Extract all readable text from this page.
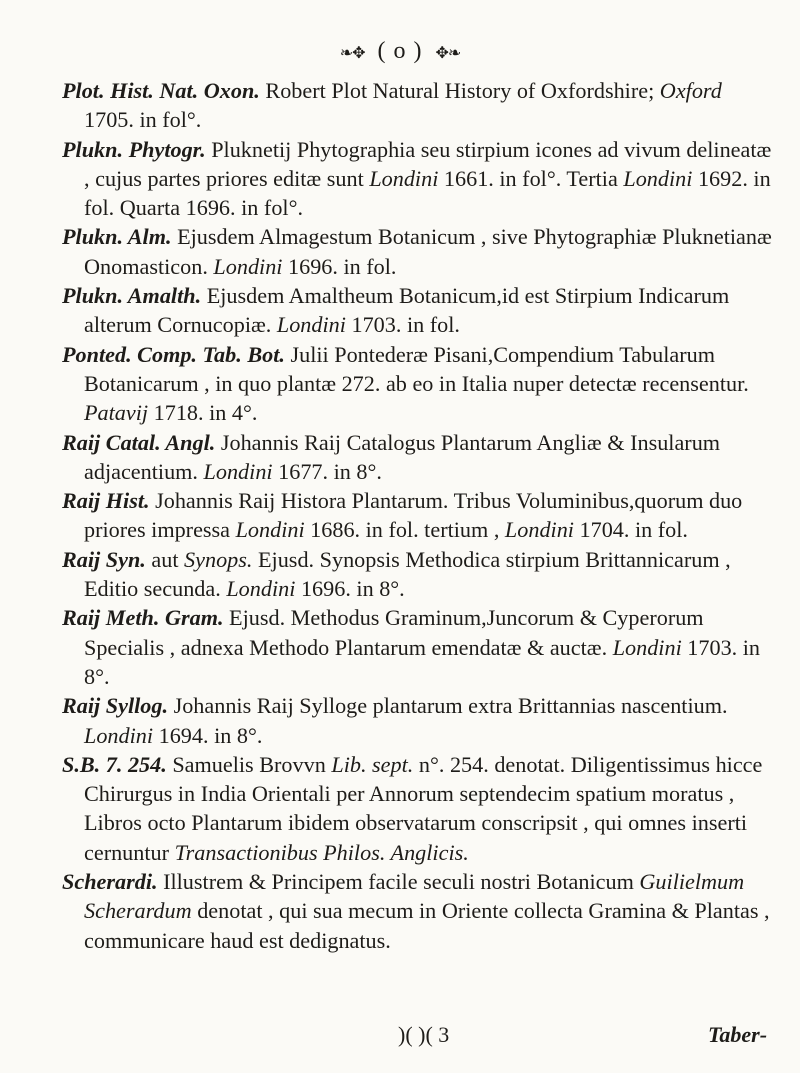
❧✥ ( o ) ✥❧

Plot. Hist. Nat. Oxon. Robert Plot Natural History of Oxfordshire; Oxford 1705. in fol°.

Plukn. Phytogr. Pluknetij Phytographia seu stirpium icones ad vivum delineatæ , cujus partes priores editæ sunt Londini 1661. in fol°. Tertia Londini 1692. in fol. Quarta 1696. in fol°.

Plukn. Alm. Ejusdem Almagestum Botanicum , sive Phytographiæ Pluknetianæ Onomasticon. Londini 1696. in fol.

Plukn. Amalth. Ejusdem Amaltheum Botanicum,id est Stirpium Indicarum alterum Cornucopiæ. Londini 1703. in fol.

Ponted. Comp. Tab. Bot. Julii Pontederæ Pisani,Compendium Tabularum Botanicarum , in quo plantæ 272. ab eo in Italia nuper detectæ recensentur. Patavij 1718. in 4°.

Raij Catal. Angl. Johannis Raij Catalogus Plantarum Angliæ & Insularum adjacentium. Londini 1677. in 8°.

Raij Hist. Johannis Raij Histora Plantarum. Tribus Voluminibus,quorum duo priores impressa Londini 1686. in fol. tertium , Londini 1704. in fol.

Raij Syn. aut Synops. Ejusd. Synopsis Methodica stirpium Brittannicarum , Editio secunda. Londini 1696. in 8°.

Raij Meth. Gram. Ejusd. Methodus Graminum,Juncorum & Cyperorum Specialis , adnexa Methodo Plantarum emendatæ & auctæ. Londini 1703. in 8°.

Raij Syllog. Johannis Raij Sylloge plantarum extra Brittannias nascentium. Londini 1694. in 8°.

S.B. 7. 254. Samuelis Brovvn Lib. sept. n°. 254. denotat. Diligentissimus hicce Chirurgus in India Orientali per Annorum septendecim spatium moratus , Libros octo Plantarum ibidem observatarum conscripsit , qui omnes inserti cernuntur Transactionibus Philos. Anglicis.

Scherardi. Illustrem & Principem facile seculi nostri Botanicum Guilielmum Scherardum denotat , qui sua mecum in Oriente collecta Gramina & Plantas , communicare haud est dedignatus.

)( )( 3	Taber-
